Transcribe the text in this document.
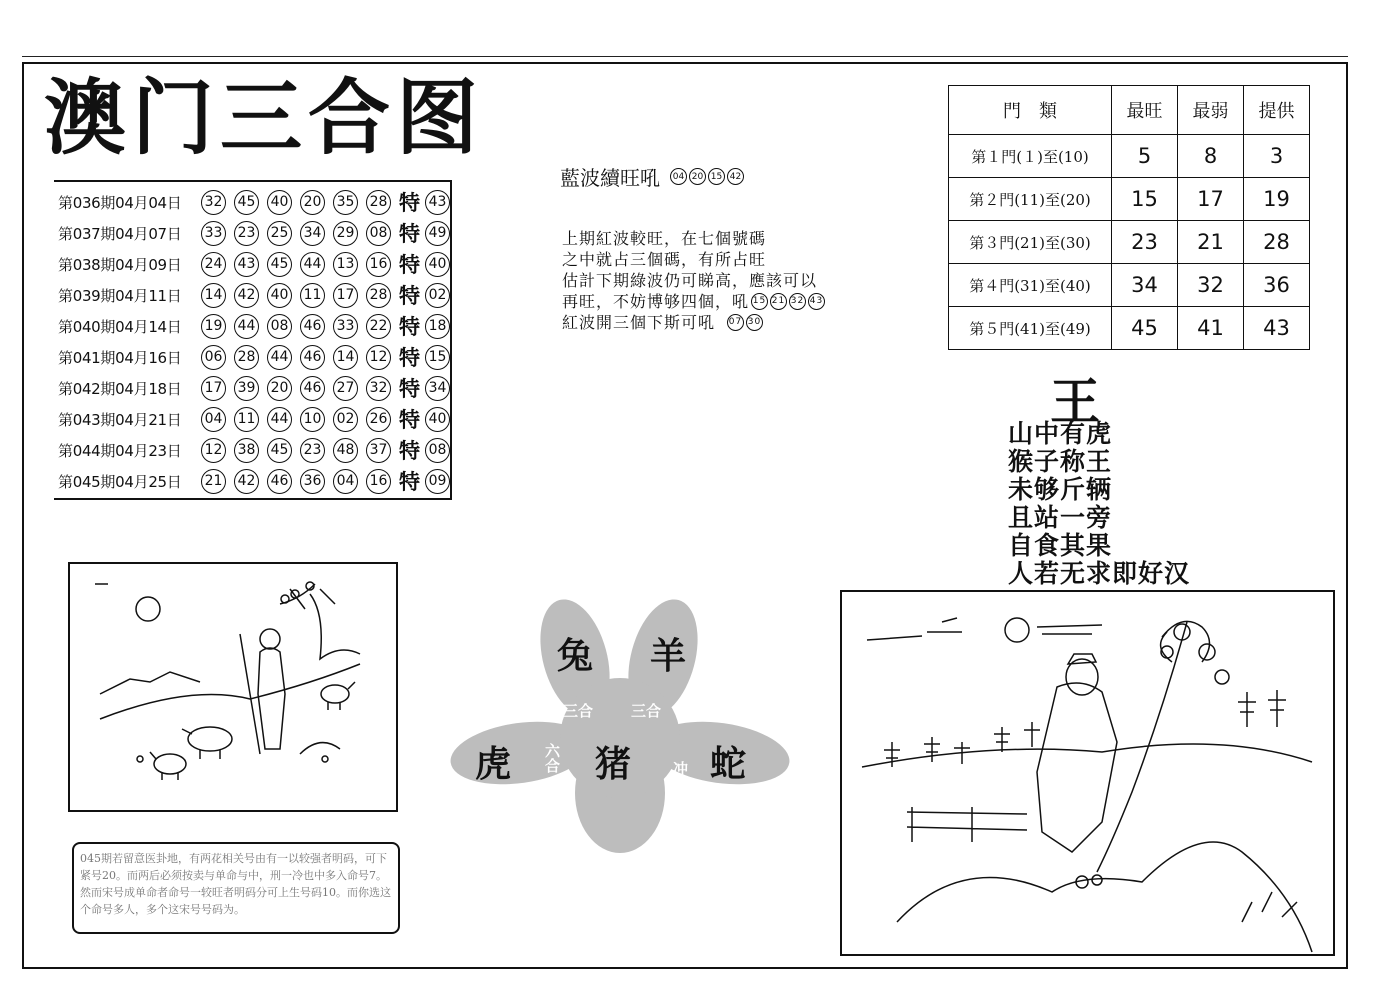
澳门三合图
第036期04月04日	32 45 40 20 35 28 特 43
第037期04月07日	33 23 25 34 29 08 特 49
第038期04月09日	24 43 45 44 13 16 特 40
第039期04月11日	14 42 40 11 17 28 特 02
第040期04月14日	19 44 08 46 33 22 特 18
第041期04月16日	06 28 44 46 14 12 特 15
第042期04月18日	17 39 20 46 27 32 特 34
第043期04月21日	04 11 44 10 02 26 特 40
第044期04月23日	12 38 45 23 48 37 特 08
第045期04月25日	21 42 46 36 04 16 特 09
藍波續旺吼	04 20 15 42
上期紅波較旺，在七個號碼
之中就占三個碼，有所占旺
估計下期綠波仍可睇高，應該可以
再旺，不妨博够四個，吼 15 21 32 43
紅波開三個下斯可吼 07 30
門　類	最旺	最弱	提供
第１門(１)至(10)	5	8	3
第２門(11)至(20)	15	17	19
第３門(21)至(30)	23	21	28
第４門(31)至(40)	34	32	36
第５門(41)至(49)	45	41	43
王
山中有虎
猴子称王
未够斤辆
且站一旁
自食其果
人若无求即好汉
兔 羊
三合	三合
虎 六合 猪	冲 蛇
045期若留意医卦地，有两花相关号由有一以较强者明码，可下紧号20。而两后必须按卖与单命与中，刑一冷也中多入命号7。然而宋号成单命者命号一较旺者明码分可上生号码10。而你选这个命号多人，多个这宋号号码为。
